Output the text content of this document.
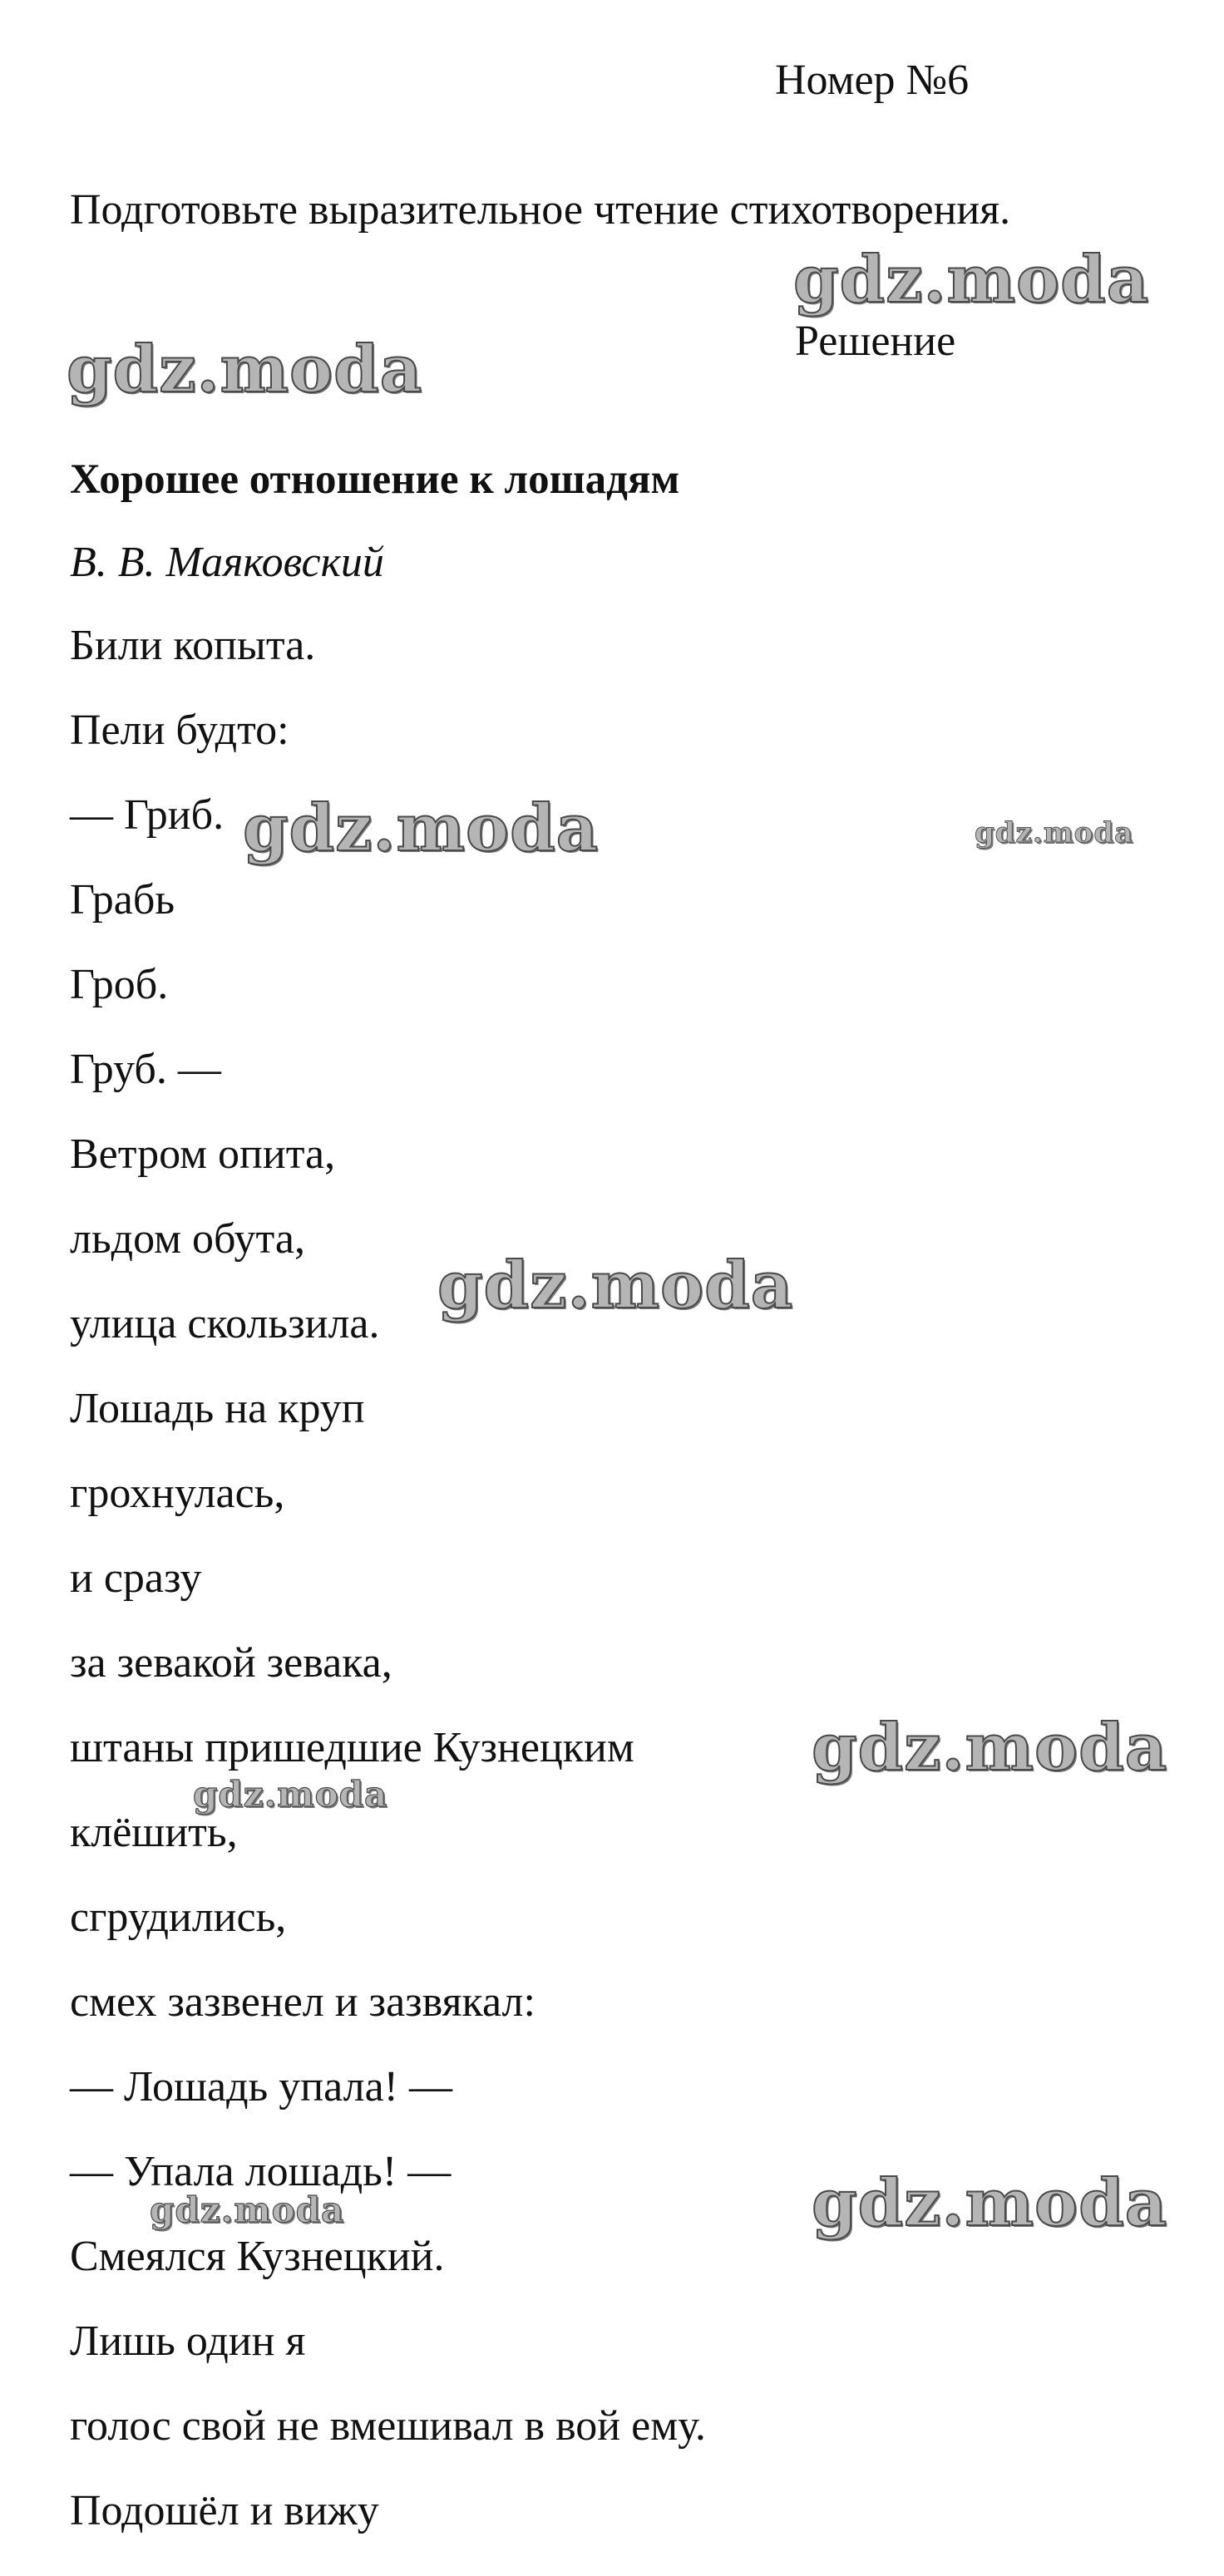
Номер №6
Подготовьте выразительное чтение стихотворения.
Решение
Хорошее отношение к лошадям
В. В. Маяковский
Били копыта.
Пели будто:
— Гриб.
Грабь
Гроб.
Груб. —
Ветром опита,
льдом обута,
улица скользила.
Лошадь на круп
грохнулась,
и сразу
за зевакой зевака,
штаны пришедшие Кузнецким
клёшить,
сгрудились,
смех зазвенел и зазвякал:
— Лошадь упала! —
— Упала лошадь! —
Смеялся Кузнецкий.
Лишь один я
голос свой не вмешивал в вой ему.
Подошёл и вижу
gdz.moda
gdz.moda
gdz.moda	gdz.moda
gdz.moda
gdz.moda
gdz.moda
gdz.moda
gdz.moda
